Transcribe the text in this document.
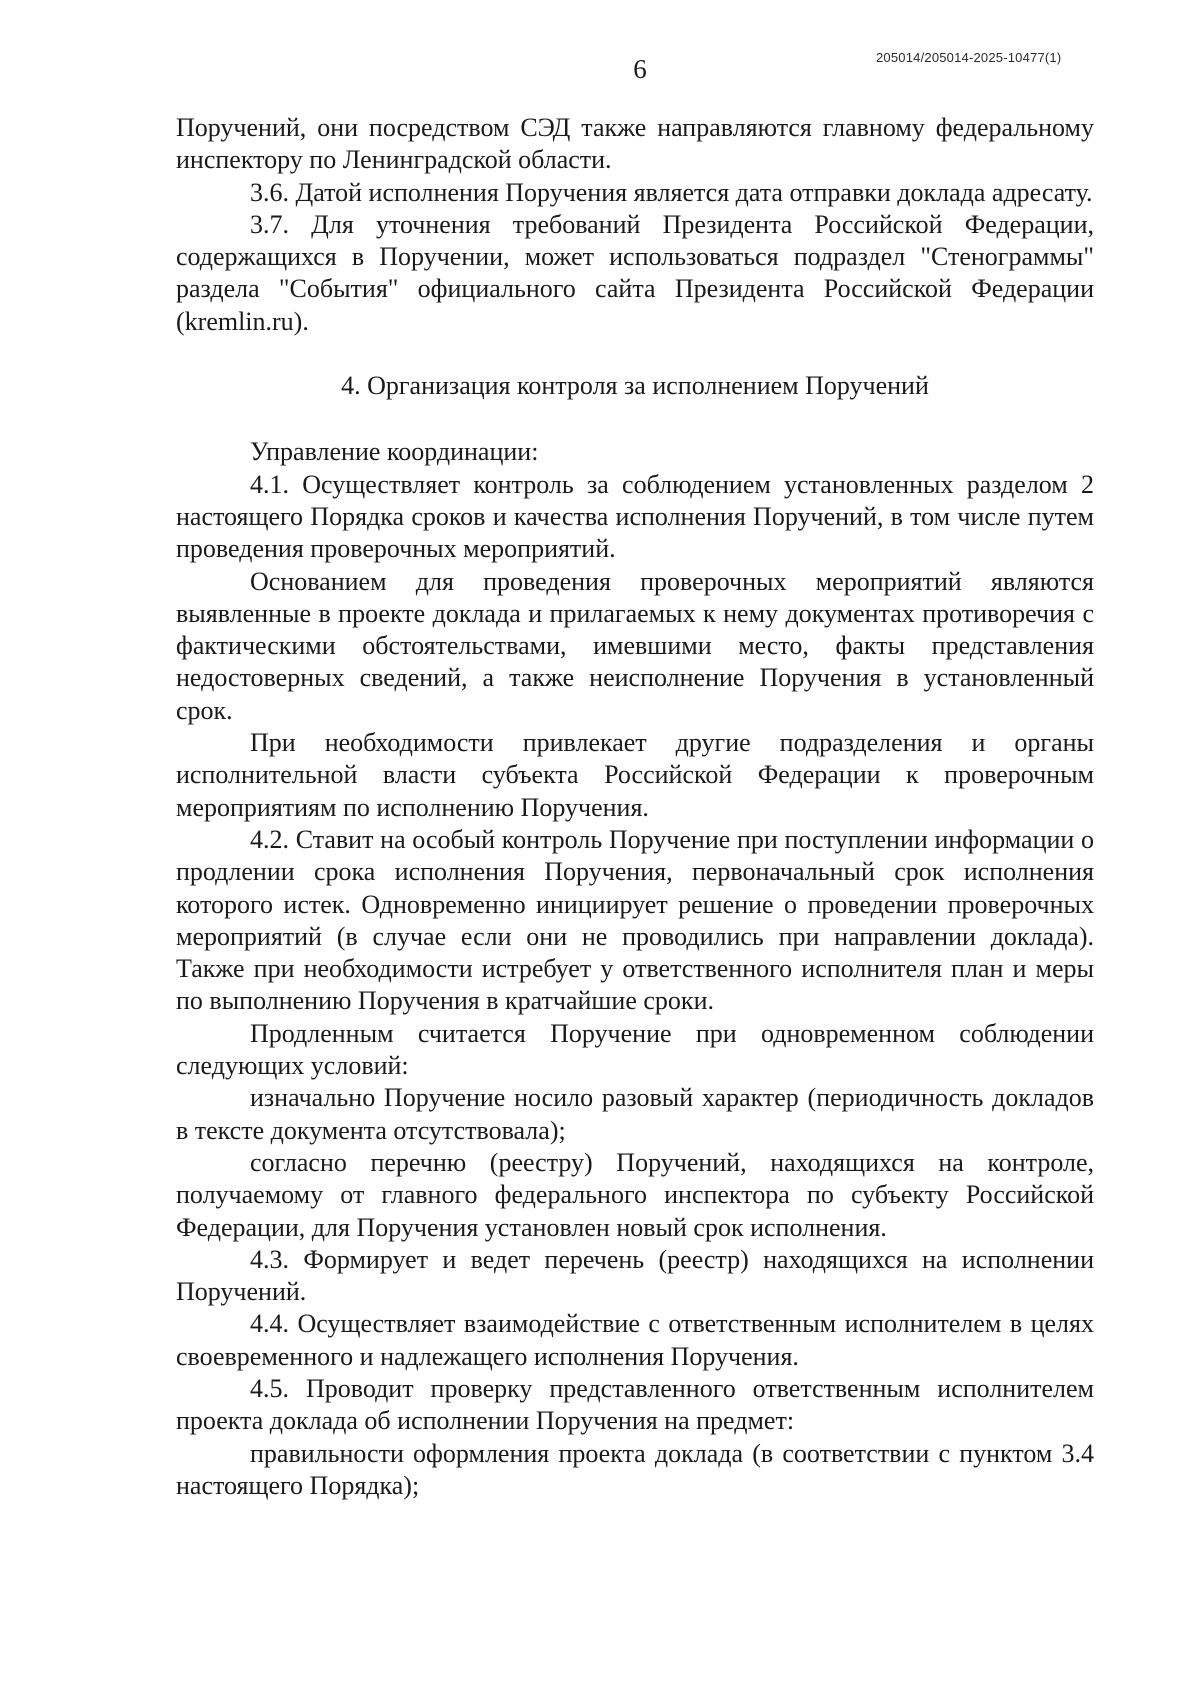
6	205014/205014-2025-10477(1)

Поручений, они посредством СЭД также направляются главному федеральному инспектору по Ленинградской области.

3.6. Датой исполнения Поручения является дата отправки доклада адресату.

3.7. Для уточнения требований Президента Российской Федерации, содержащихся в Поручении, может использоваться подраздел "Стенограммы" раздела "События" официального сайта Президента Российской Федерации (kremlin.ru).

4. Организация контроля за исполнением Поручений

Управление координации:

4.1. Осуществляет контроль за соблюдением установленных разделом 2 настоящего Порядка сроков и качества исполнения Поручений, в том числе путем проведения проверочных мероприятий.

Основанием для проведения проверочных мероприятий являются выявленные в проекте доклада и прилагаемых к нему документах противоречия с фактическими обстоятельствами, имевшими место, факты представления недостоверных сведений, а также неисполнение Поручения в установленный срок.

При необходимости привлекает другие подразделения и органы исполнительной власти субъекта Российской Федерации к проверочным мероприятиям по исполнению Поручения.

4.2. Ставит на особый контроль Поручение при поступлении информации о продлении срока исполнения Поручения, первоначальный срок исполнения которого истек. Одновременно инициирует решение о проведении проверочных мероприятий (в случае если они не проводились при направлении доклада). Также при необходимости истребует у ответственного исполнителя план и меры по выполнению Поручения в кратчайшие сроки.

Продленным считается Поручение при одновременном соблюдении следующих условий:

изначально Поручение носило разовый характер (периодичность докладов в тексте документа отсутствовала);

согласно перечню (реестру) Поручений, находящихся на контроле, получаемому от главного федерального инспектора по субъекту Российской Федерации, для Поручения установлен новый срок исполнения.

4.3. Формирует и ведет перечень (реестр) находящихся на исполнении Поручений.

4.4. Осуществляет взаимодействие с ответственным исполнителем в целях своевременного и надлежащего исполнения Поручения.

4.5. Проводит проверку представленного ответственным исполнителем проекта доклада об исполнении Поручения на предмет:

правильности оформления проекта доклада (в соответствии с пунктом 3.4 настоящего Порядка);
